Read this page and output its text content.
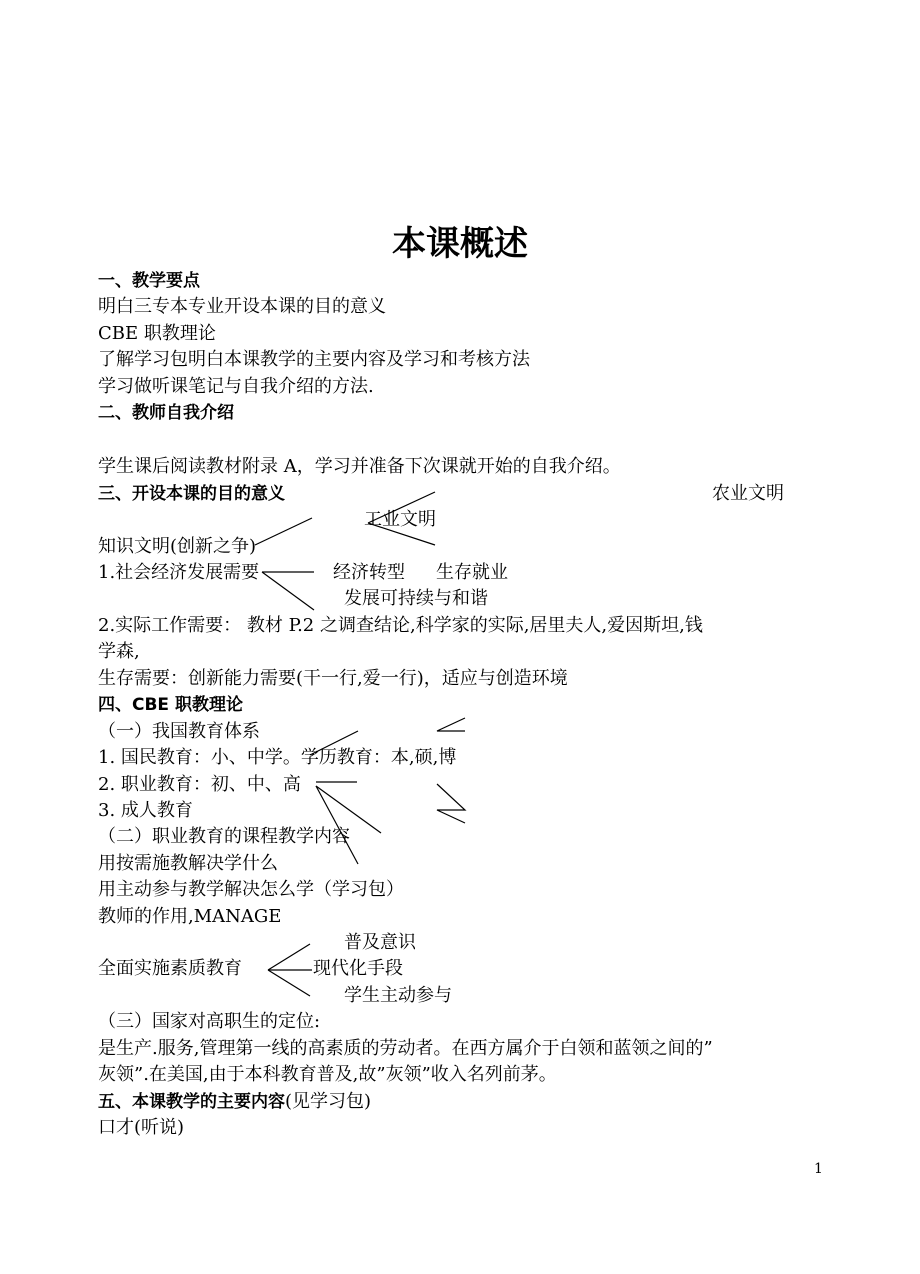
本课概述
一、教学要点
明白三专本专业开设本课的目的意义
CBE 职教理论
了解学习包明白本课教学的主要内容及学习和考核方法
学习做听课笔记与自我介绍的方法.
二、教师自我介绍
学生课后阅读教材附录 A，学习并准备下次课就开始的自我介绍。
三、开设本课的目的意义	农业文明
工业文明
知识文明(创新之争)
1.社会经济发展需要	经济转型 生存就业
发展可持续与和谐
2.实际工作需要： 教材 P.2 之调查结论,科学家的实际,居里夫人,爱因斯坦,钱
学森,
生存需要：创新能力需要(干一行,爱一行)，适应与创造环境
四、CBE 职教理论
（一）我国教育体系
1. 国民教育：小、中学。学历教育：本,硕,博
2. 职业教育：初、中、高
3. 成人教育
（二）职业教育的课程教学内容
用按需施教解决学什么
用主动参与教学解决怎么学（学习包）
教师的作用,MANAGE
普及意识
全面实施素质教育	现代化手段
学生主动参与
（三）国家对高职生的定位:
是生产.服务,管理第一线的高素质的劳动者。在西方属介于白领和蓝领之间的”
灰领”.在美国,由于本科教育普及,故”灰领”收入名列前茅。
五、本课教学的主要内容(见学习包)
口才(听说)
1
